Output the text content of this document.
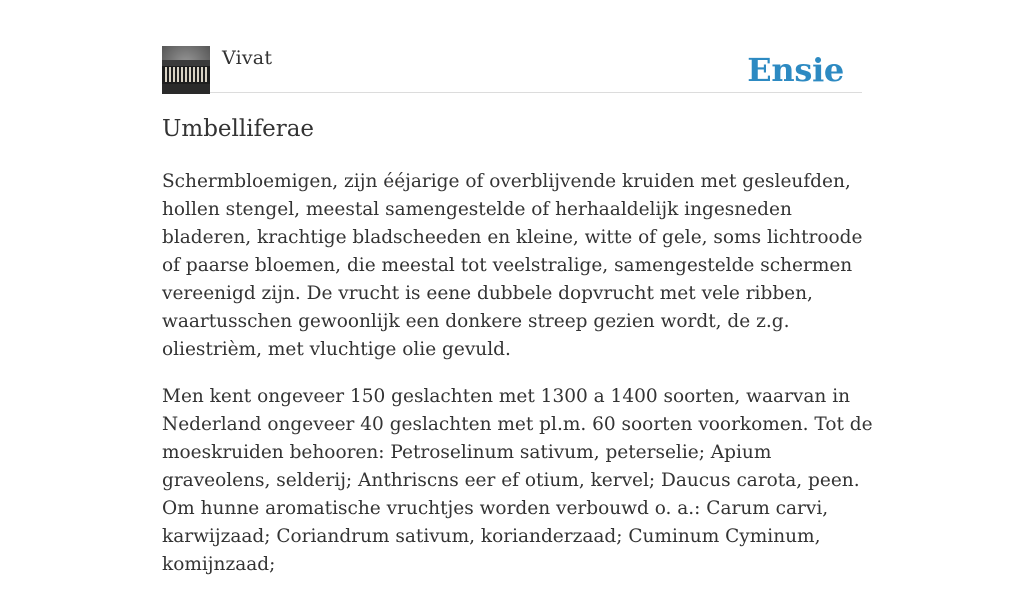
Vivat	Ensie
Umbelliferae

Schermbloemigen, zijn ééjarige of overblijvende kruiden met gesleufden, hollen stengel, meestal samengestelde of herhaaldelijk ingesneden bladeren, krachtige bladscheeden en kleine, witte of gele, soms lichtroode of paarse bloemen, die meestal tot veelstralige, samengestelde schermen vereenigd zijn. De vrucht is eene dubbele dopvrucht met vele ribben, waartusschen gewoonlijk een donkere streep gezien wordt, de z.g. oliestrièm, met vluchtige olie gevuld.

Men kent ongeveer 150 geslachten met 1300 a 1400 soorten, waarvan in Nederland ongeveer 40 geslachten met pl.m. 60 soorten voorkomen. Tot de moeskruiden behooren: Petroselinum sativum, peterselie; Apium graveolens, selderij; Anthriscns eer ef otium, kervel; Daucus carota, peen. Om hunne aromatische vruchtjes worden verbouwd o. a.: Carum carvi, karwijzaad; Coriandrum sativum, korianderzaad; Cuminum Cyminum, komijnzaad;
